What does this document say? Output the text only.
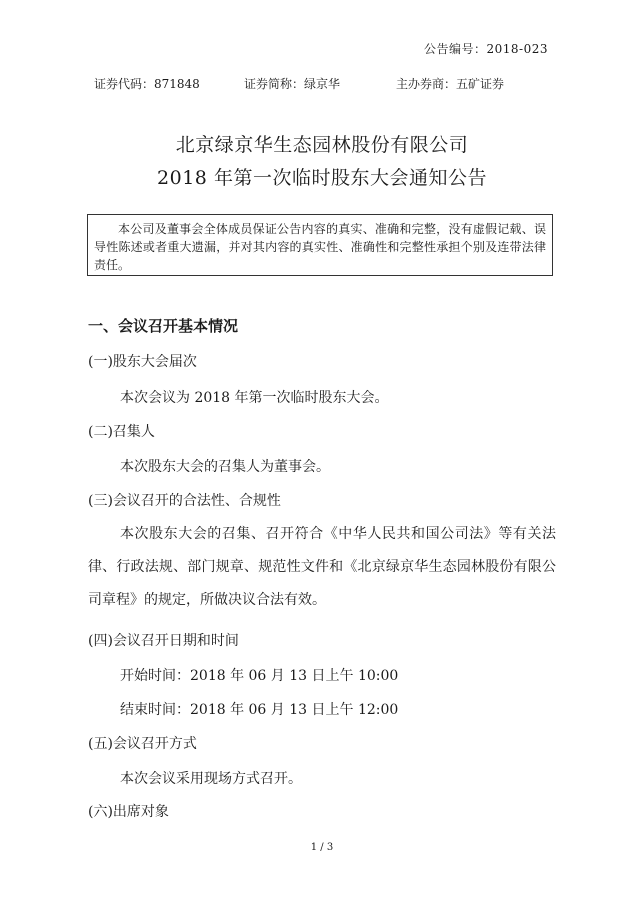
公告编号：2018-023
证券代码：871848	证券简称：绿京华	主办券商：五矿证券
北京绿京华生态园林股份有限公司
2018 年第一次临时股东大会通知公告
本公司及董事会全体成员保证公告内容的真实、准确和完整，没有虚假记载、误导性陈述或者重大遗漏，并对其内容的真实性、准确性和完整性承担个别及连带法律责任。
一、会议召开基本情况
(一)股东大会届次
本次会议为 2018 年第一次临时股东大会。
(二)召集人
本次股东大会的召集人为董事会。
(三)会议召开的合法性、合规性
本次股东大会的召集、召开符合《中华人民共和国公司法》等有关法律、行政法规、部门规章、规范性文件和《北京绿京华生态园林股份有限公司章程》的规定，所做决议合法有效。
(四)会议召开日期和时间
开始时间：2018 年 06 月 13 日上午 10:00
结束时间：2018 年 06 月 13 日上午 12:00
(五)会议召开方式
本次会议采用现场方式召开。
(六)出席对象
1 / 3
